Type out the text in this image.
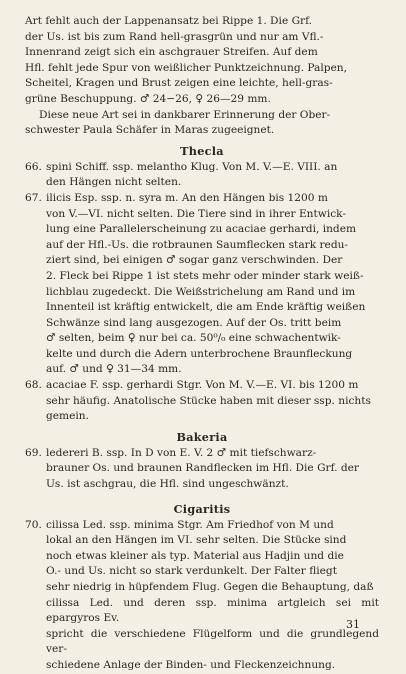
Art fehlt auch der Lappenansatz bei Rippe 1. Die Grf.

der Us. ist bis zum Rand hell-grasgrün und nur am Vfl.-

Innenrand zeigt sich ein aschgrauer Streifen. Auf dem

Hfl. fehlt jede Spur von weißlicher Punktzeichnung. Palpen,

Scheitel, Kragen und Brust zeigen eine leichte, hell-gras-

grüne Beschuppung. ♂ 24−26, ♀ 26—29 mm.

Diese neue Art sei in dankbarer Erinnerung der Ober-

schwester Paula Schäfer in Maras zugeeignet.

Thecla
66. spini Schiff. ssp. melantho Klug. Von M. V.—E. VIII. an

den Hängen nicht selten.

67. ilicis Esp. ssp. n. syra m. An den Hängen bis 1200 m

von V.—VI. nicht selten. Die Tiere sind in ihrer Entwick-

lung eine Parallelerscheinung zu acaciae gerhardi, indem

auf der Hfl.-Us. die rotbraunen Saumflecken stark redu-

ziert sind, bei einigen ♂ sogar ganz verschwinden. Der

2. Fleck bei Rippe 1 ist stets mehr oder minder stark weiß-

lichblau zugedeckt. Die Weißstrichelung am Rand und im

Innenteil ist kräftig entwickelt, die am Ende kräftig weißen

Schwänze sind lang ausgezogen. Auf der Os. tritt beim

♂ selten, beim ♀ nur bei ca. 50⁰/₀ eine schwachentwik-

kelte und durch die Adern unterbrochene Braunfleckung

auf. ♂ und ♀ 31—34 mm.

68. acaciae F. ssp. gerhardi Stgr. Von M. V.—E. VI. bis 1200 m

sehr häufig. Anatolische Stücke haben mit dieser ssp. nichts

gemein.

Bakeria
69. ledereri B. ssp. In D von E. V. 2 ♂ mit tiefschwarz-

brauner Os. und braunen Randflecken im Hfl. Die Grf. der

Us. ist aschgrau, die Hfl. sind ungeschwänzt.

Cigaritis
70. cilissa Led. ssp. minima Stgr. Am Friedhof von M und

lokal an den Hängen im VI. sehr selten. Die Stücke sind

noch etwas kleiner als typ. Material aus Hadjin und die

O.- und Us. nicht so stark verdunkelt. Der Falter fliegt

sehr niedrig in hüpfendem Flug. Gegen die Behauptung, daß

cilissa Led. und deren ssp. minima artgleich sei mit epargyros Ev.

spricht die verschiedene Flügelform und die grundlegend ver-

schiedene Anlage der Binden- und Fleckenzeichnung.

31
